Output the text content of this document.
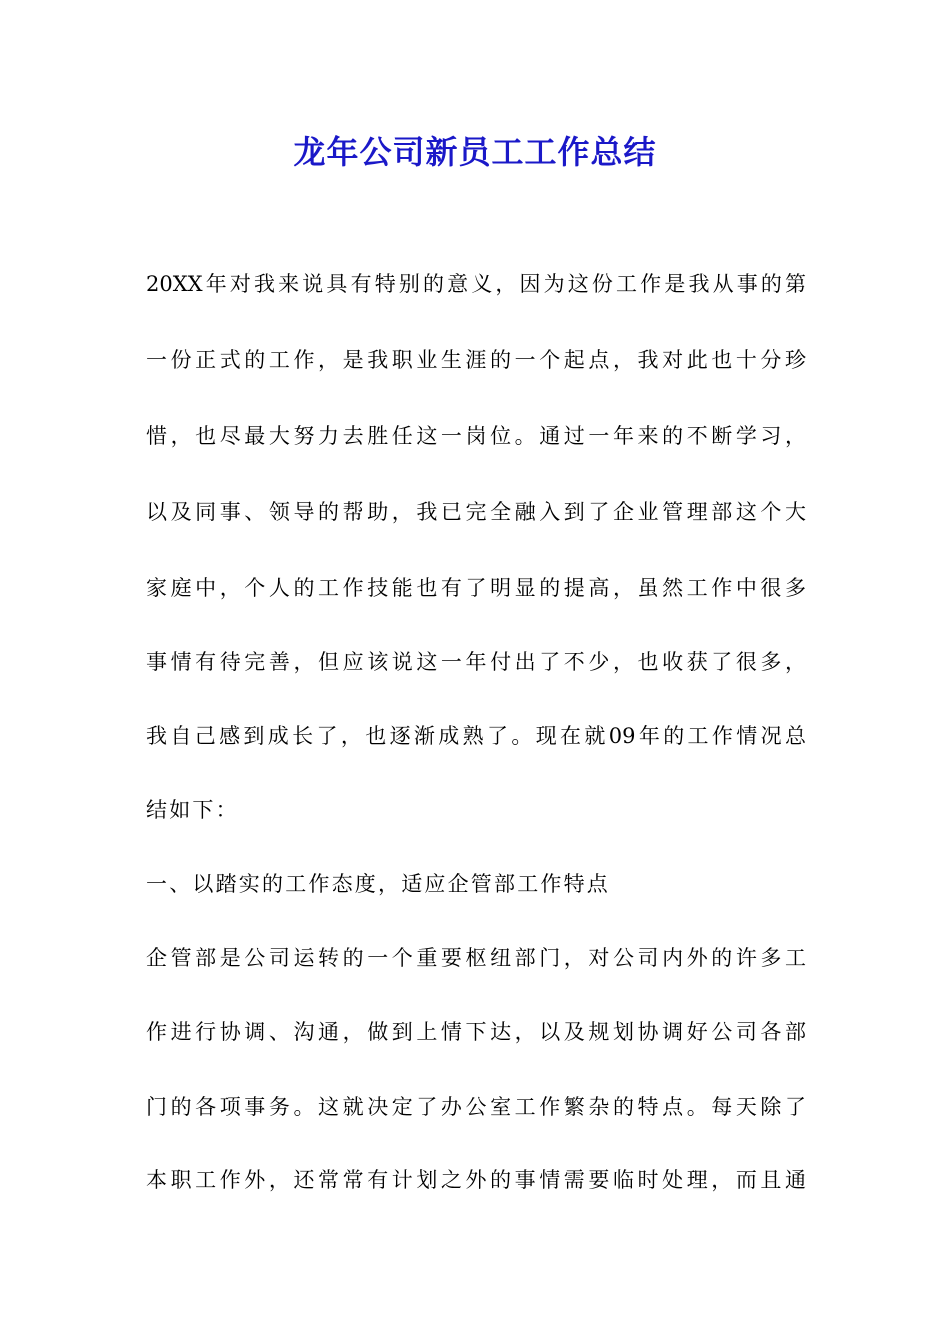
龙年公司新员工工作总结
20XX年对我来说具有特别的意义，因为这份工作是我从事的第
一份正式的工作，是我职业生涯的一个起点，我对此也十分珍
惜，也尽最大努力去胜任这一岗位。通过一年来的不断学习，
以及同事、领导的帮助，我已完全融入到了企业管理部这个大
家庭中，个人的工作技能也有了明显的提高，虽然工作中很多
事情有待完善，但应该说这一年付出了不少，也收获了很多，
我自己感到成长了，也逐渐成熟了。现在就09年的工作情况总
结如下：
一、以踏实的工作态度，适应企管部工作特点
企管部是公司运转的一个重要枢纽部门，对公司内外的许多工
作进行协调、沟通，做到上情下达，以及规划协调好公司各部
门的各项事务。这就决定了办公室工作繁杂的特点。每天除了
本职工作外，还常常有计划之外的事情需要临时处理，而且通
